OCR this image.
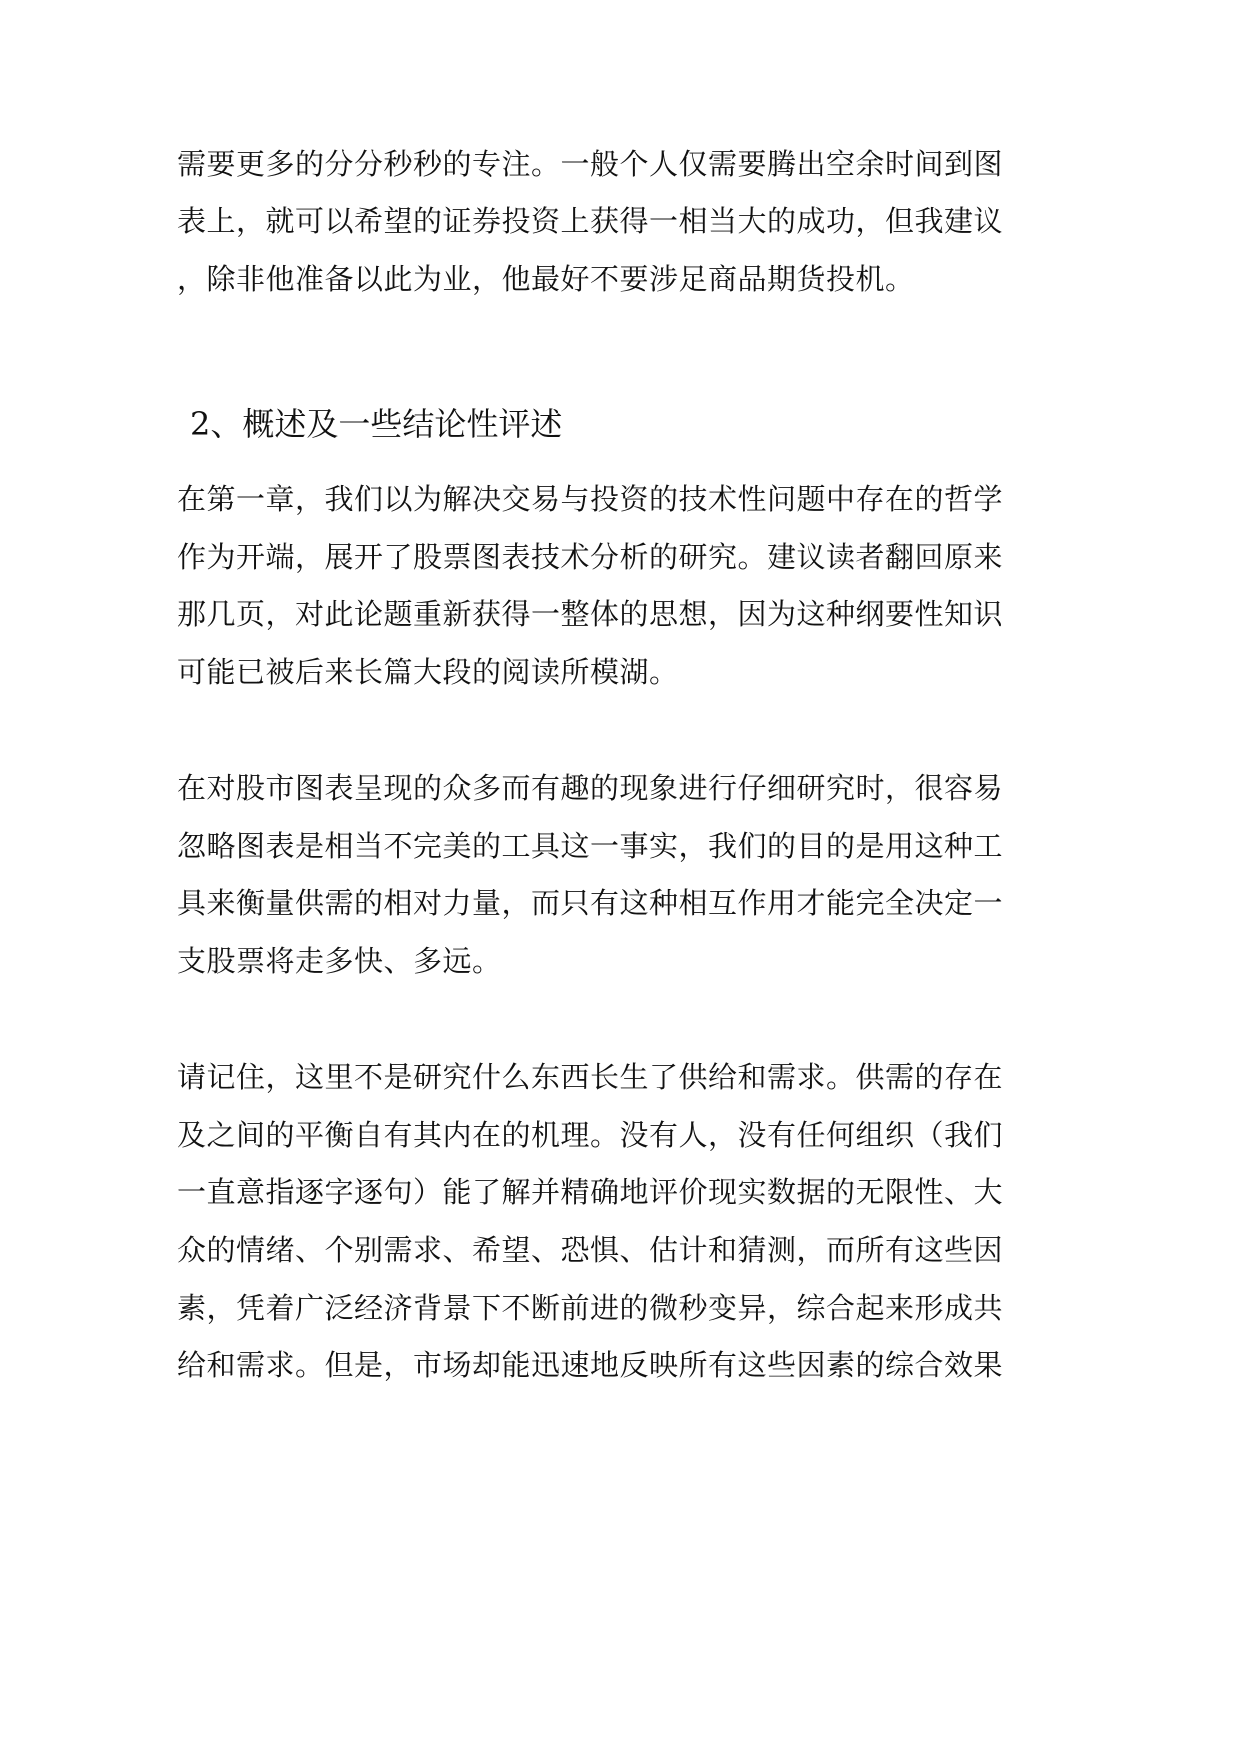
需要更多的分分秒秒的专注。一般个人仅需要腾出空余时间到图

表上，就可以希望的证券投资上获得一相当大的成功，但我建议

，除非他准备以此为业，他最好不要涉足商品期货投机。

2、概述及一些结论性评述

在第一章，我们以为解决交易与投资的技术性问题中存在的哲学

作为开端，展开了股票图表技术分析的研究。建议读者翻回原来

那几页，对此论题重新获得一整体的思想，因为这种纲要性知识

可能已被后来长篇大段的阅读所模湖。

在对股市图表呈现的众多而有趣的现象进行仔细研究时，很容易

忽略图表是相当不完美的工具这一事实，我们的目的是用这种工

具来衡量供需的相对力量，而只有这种相互作用才能完全决定一

支股票将走多快、多远。

请记住，这里不是研究什么东西长生了供给和需求。供需的存在

及之间的平衡自有其内在的机理。没有人，没有任何组织（我们

一直意指逐字逐句）能了解并精确地评价现实数据的无限性、大

众的情绪、个别需求、希望、恐惧、估计和猜测，而所有这些因

素，凭着广泛经济背景下不断前进的微秒变异，综合起来形成共

给和需求。但是，市场却能迅速地反映所有这些因素的综合效果
